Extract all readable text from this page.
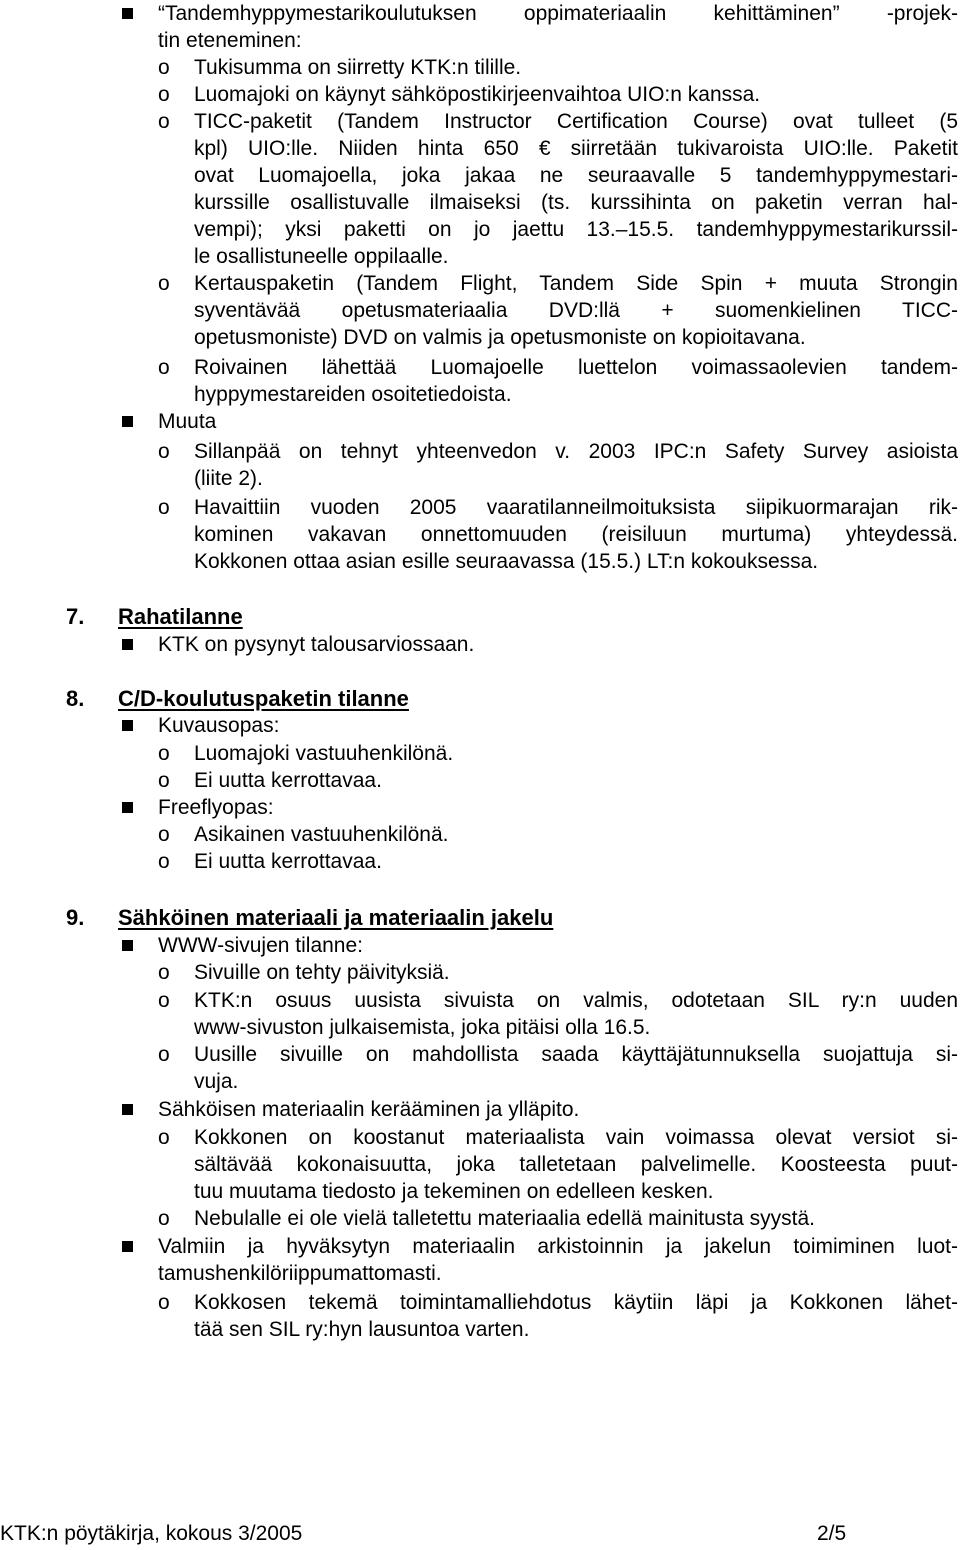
“Tandemhyppymestarikoulutuksen oppimateriaalin kehittäminen” -projek-
tin eteneminen:
o Tukisumma on siirretty KTK:n tilille.
o Luomajoki on käynyt sähköpostikirjeenvaihtoa UIO:n kanssa.
o TICC-paketit (Tandem Instructor Certification Course) ovat tulleet (5
kpl) UIO:lle. Niiden hinta 650 € siirretään tukivaroista UIO:lle. Paketit
ovat Luomajoella, joka jakaa ne seuraavalle 5 tandemhyppymestari-
kurssille osallistuvalle ilmaiseksi (ts. kurssihinta on paketin verran hal-
vempi); yksi paketti on jo jaettu 13.–15.5. tandemhyppymestarikurssil-
le osallistuneelle oppilaalle.
o Kertauspaketin (Tandem Flight, Tandem Side Spin + muuta Strongin
syventävää opetusmateriaalia DVD:llä + suomenkielinen TICC-
opetusmoniste) DVD on valmis ja opetusmoniste on kopioitavana.
o Roivainen lähettää Luomajoelle luettelon voimassaolevien tandem-
hyppymestareiden osoitetiedoista.
Muuta
o Sillanpää on tehnyt yhteenvedon v. 2003 IPC:n Safety Survey asioista
(liite 2).
o Havaittiin vuoden 2005 vaaratilanneilmoituksista siipikuormarajan rik-
kominen vakavan onnettomuuden (reisiluun murtuma) yhteydessä.
Kokkonen ottaa asian esille seuraavassa (15.5.) LT:n kokouksessa.
7. Rahatilanne
KTK on pysynyt talousarviossaan.
8. C/D-koulutuspaketin tilanne
Kuvausopas:
o Luomajoki vastuuhenkilönä.
o Ei uutta kerrottavaa.
Freeflyopas:
o Asikainen vastuuhenkilönä.
o Ei uutta kerrottavaa.
9. Sähköinen materiaali ja materiaalin jakelu
WWW-sivujen tilanne:
o Sivuille on tehty päivityksiä.
o KTK:n osuus uusista sivuista on valmis, odotetaan SIL ry:n uuden
www-sivuston julkaisemista, joka pitäisi olla 16.5.
o Uusille sivuille on mahdollista saada käyttäjätunnuksella suojattuja si-
vuja.
Sähköisen materiaalin kerääminen ja ylläpito.
o Kokkonen on koostanut materiaalista vain voimassa olevat versiot si-
sältävää kokonaisuutta, joka talletetaan palvelimelle. Koosteesta puut-
tuu muutama tiedosto ja tekeminen on edelleen kesken.
o Nebulalle ei ole vielä talletettu materiaalia edellä mainitusta syystä.
Valmiin ja hyväksytyn materiaalin arkistoinnin ja jakelun toimiminen luot-
tamushenkilöriippumattomasti.
o Kokkosen tekemä toimintamalliehdotus käytiin läpi ja Kokkonen lähet-
tää sen SIL ry:hyn lausuntoa varten.
KTK:n pöytäkirja, kokous 3/2005	2/5
